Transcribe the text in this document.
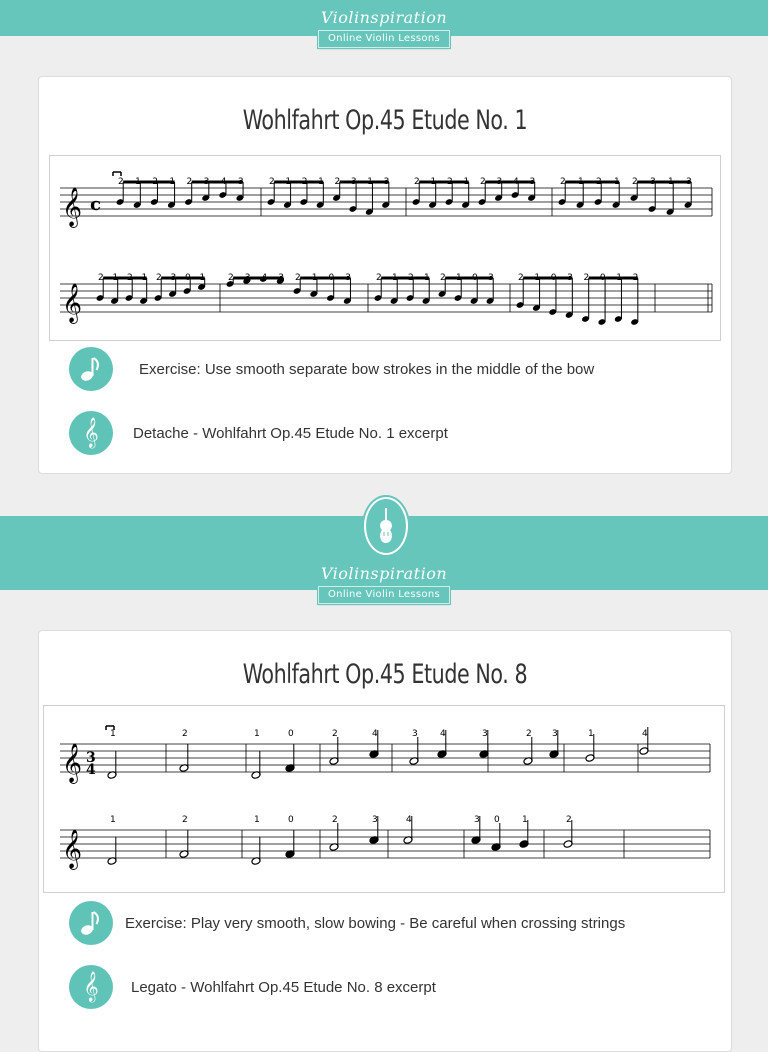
Violinspiration
Online Violin Lessons
Wohlfahrt Op.45 Etude No. 1
2 1 2 1 2 3 4 3	2 1 2 1 2 3 1 3	2 1 2 1 2 3 4 3	2 1 2 1 2 3 1 3
2 1 2 1 2 3 0 1	2 3 4 3 2 1 0 3	2 1 2 1 2 1 0 3	2 1 0 3 2 0 1 2
𝄞
𝄞
c
Exercise: Use smooth separate bow strokes in the middle of the bow
𝄞 Detache - Wohlfahrt Op.45 Etude No. 1 excerpt
Violinspiration
Online Violin Lessons
Wohlfahrt Op.45 Etude No. 8
1	2	1	0	2	4	3 4	3	2 3	1	4
1	2	1	0	2	3	4	3 0 1	2
𝄞
𝄞
3
4
Exercise: Play very smooth, slow bowing - Be careful when crossing strings
𝄞 Legato - Wohlfahrt Op.45 Etude No. 8 excerpt
